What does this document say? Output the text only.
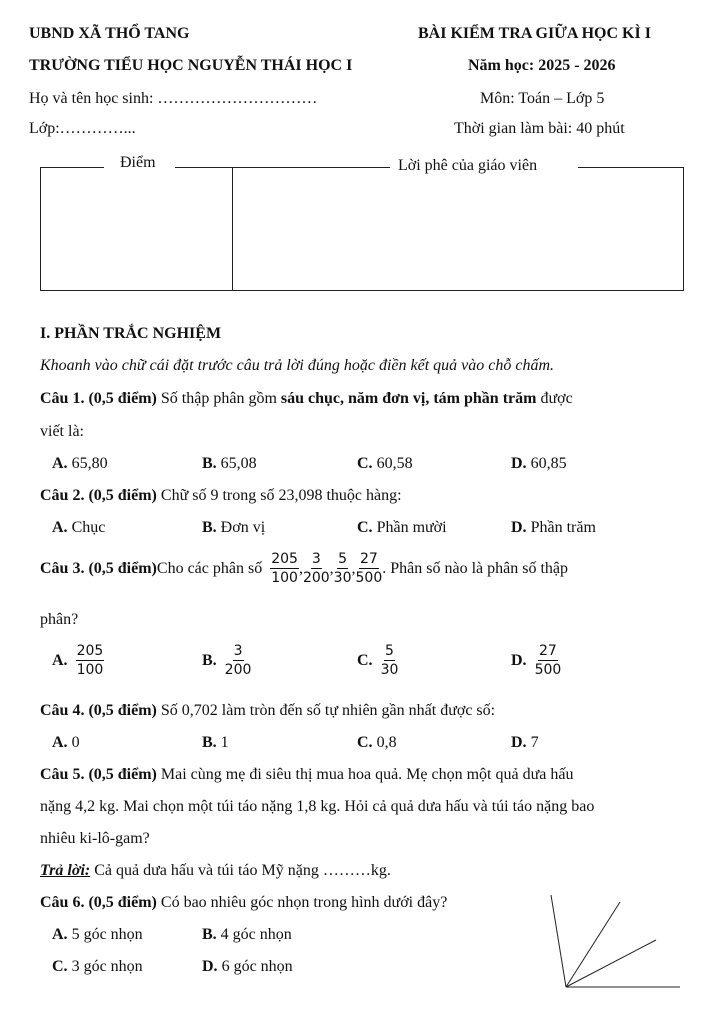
UBND XÃ THỔ TANG
TRƯỜNG TIỂU HỌC NGUYỄN THÁI HỌC I
BÀI KIỂM TRA GIỮA HỌC KÌ I
Năm học: 2025 - 2026
Họ và tên học sinh: …………………………	Môn: Toán – Lớp 5
Lớp:…………...	Thời gian làm bài: 40 phút
Điểm	Lời phê của giáo viên
I. PHẦN TRẮC NGHIỆM
Khoanh vào chữ cái đặt trước câu trả lời đúng hoặc điền kết quả vào chỗ chấm.
Câu 1. (0,5 điểm) Số thập phân gồm sáu chục, năm đơn vị, tám phần trăm được
viết là:
A. 65,80	B. 65,08	C. 60,58	D. 60,85
Câu 2. (0,5 điểm) Chữ số 9 trong số 23,098 thuộc hàng:
A. Chục	B. Đơn vị	C. Phần mười	D. Phần trăm
Câu 3. (0,5 điểm) Cho các phân số $\frac{205}{100}$ , $\frac{3}{200}$ , $\frac{5}{30}$ , $\frac{27}{500}$ . Phân số nào là phân số thập
phân?
A. $\frac{205}{100}$	B. $\frac{3}{200}$	C. $\frac{5}{30}$	D. $\frac{27}{500}$
Câu 4. (0,5 điểm) Số 0,702 làm tròn đến số tự nhiên gần nhất được số:
A. 0	B. 1	C. 0,8	D. 7
Câu 5. (0,5 điểm) Mai cùng mẹ đi siêu thị mua hoa quả. Mẹ chọn một quả dưa hấu
nặng 4,2 kg. Mai chọn một túi táo nặng 1,8 kg. Hỏi cả quả dưa hấu và túi táo nặng bao
nhiêu ki-lô-gam?
Trả lời: Cả quả dưa hấu và túi táo Mỹ nặng ………kg.
Câu 6. (0,5 điểm) Có bao nhiêu góc nhọn trong hình dưới đây?
A. 5 góc nhọn	B. 4 góc nhọn
C. 3 góc nhọn	D. 6 góc nhọn
